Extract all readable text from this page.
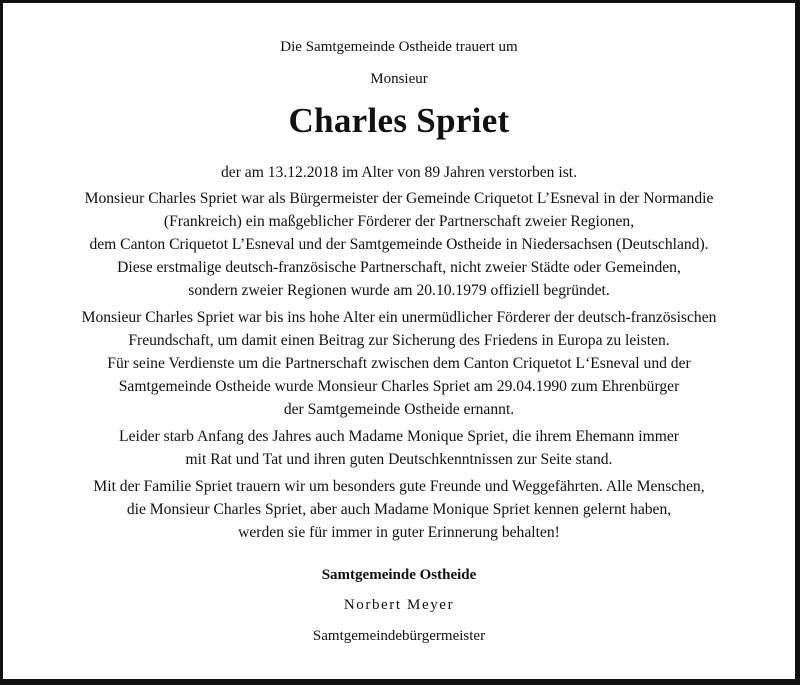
Die Samtgemeinde Ostheide trauert um
Monsieur
Charles Spriet
der am 13.12.2018 im Alter von 89 Jahren verstorben ist.
Monsieur Charles Spriet war als Bürgermeister der Gemeinde Criquetot L’Esneval in der Normandie
(Frankreich) ein maßgeblicher Förderer der Partnerschaft zweier Regionen,
dem Canton Criquetot L’Esneval und der Samtgemeinde Ostheide in Niedersachsen (Deutschland).
Diese erstmalige deutsch-französische Partnerschaft, nicht zweier Städte oder Gemeinden,
sondern zweier Regionen wurde am 20.10.1979 offiziell begründet.
Monsieur Charles Spriet war bis ins hohe Alter ein unermüdlicher Förderer der deutsch-französischen
Freundschaft, um damit einen Beitrag zur Sicherung des Friedens in Europa zu leisten.
Für seine Verdienste um die Partnerschaft zwischen dem Canton Criquetot L‘Esneval und der
Samtgemeinde Ostheide wurde Monsieur Charles Spriet am 29.04.1990 zum Ehrenbürger
der Samtgemeinde Ostheide ernannt.
Leider starb Anfang des Jahres auch Madame Monique Spriet, die ihrem Ehemann immer
mit Rat und Tat und ihren guten Deutschkenntnissen zur Seite stand.
Mit der Familie Spriet trauern wir um besonders gute Freunde und Weggefährten. Alle Menschen,
die Monsieur Charles Spriet, aber auch Madame Monique Spriet kennen gelernt haben,
werden sie für immer in guter Erinnerung behalten!
Samtgemeinde Ostheide
Norbert Meyer
Samtgemeindebürgermeister
